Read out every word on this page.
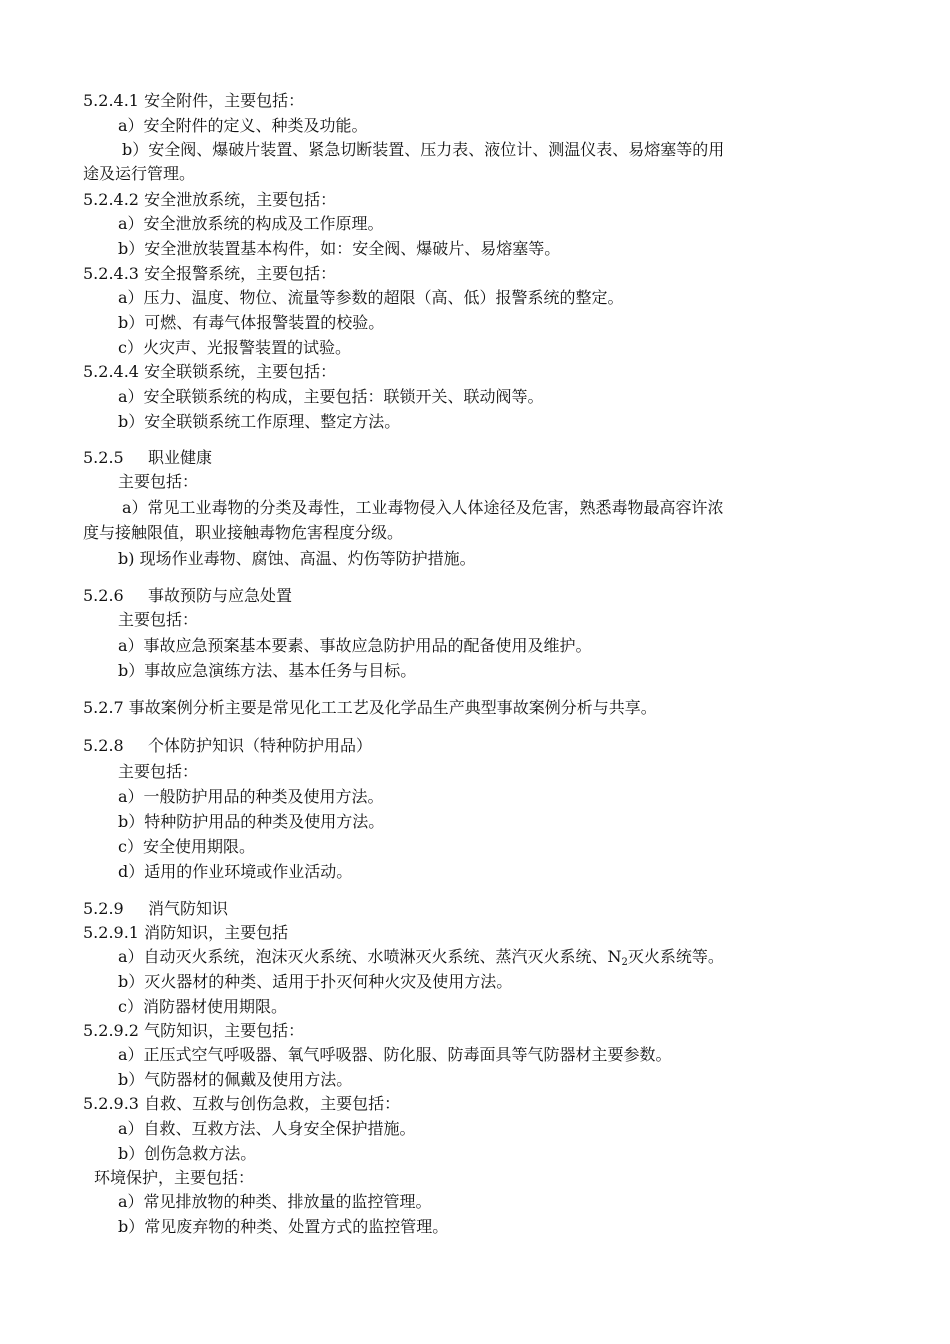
5.2.4.1 安全附件，主要包括：
a）安全附件的定义、种类及功能。
b）安全阀、爆破片装置、紧急切断装置、压力表、液位计、测温仪表、易熔塞等的用
途及运行管理。
5.2.4.2 安全泄放系统，主要包括：
a）安全泄放系统的构成及工作原理。
b）安全泄放装置基本构件，如：安全阀、爆破片、易熔塞等。
5.2.4.3 安全报警系统，主要包括：
a）压力、温度、物位、流量等参数的超限（高、低）报警系统的整定。
b）可燃、有毒气体报警装置的校验。
c）火灾声、光报警装置的试验。
5.2.4.4 安全联锁系统，主要包括：
a）安全联锁系统的构成，主要包括：联锁开关、联动阀等。
b）安全联锁系统工作原理、整定方法。
5.2.5 职业健康
主要包括：
a）常见工业毒物的分类及毒性，工业毒物侵入人体途径及危害，熟悉毒物最高容许浓
度与接触限值，职业接触毒物危害程度分级。
b) 现场作业毒物、腐蚀、高温、灼伤等防护措施。
5.2.6 事故预防与应急处置
主要包括：
a）事故应急预案基本要素、事故应急防护用品的配备使用及维护。
b）事故应急演练方法、基本任务与目标。
5.2.7 事故案例分析主要是常见化工工艺及化学品生产典型事故案例分析与共享。
5.2.8 个体防护知识（特种防护用品）
主要包括：
a）一般防护用品的种类及使用方法。
b）特种防护用品的种类及使用方法。
c）安全使用期限。
d）适用的作业环境或作业活动。
5.2.9 消气防知识
5.2.9.1 消防知识，主要包括
a）自动灭火系统，泡沫灭火系统、水喷淋灭火系统、蒸汽灭火系统、$N_2$灭火系统等。
b）灭火器材的种类、适用于扑灭何种火灾及使用方法。
c）消防器材使用期限。
5.2.9.2 气防知识，主要包括：
a）正压式空气呼吸器、氧气呼吸器、防化服、防毒面具等气防器材主要参数。
b）气防器材的佩戴及使用方法。
5.2.9.3 自救、互救与创伤急救，主要包括：
a）自救、互救方法、人身安全保护措施。
b）创伤急救方法。
环境保护，主要包括：
a）常见排放物的种类、排放量的监控管理。
b）常见废弃物的种类、处置方式的监控管理。
